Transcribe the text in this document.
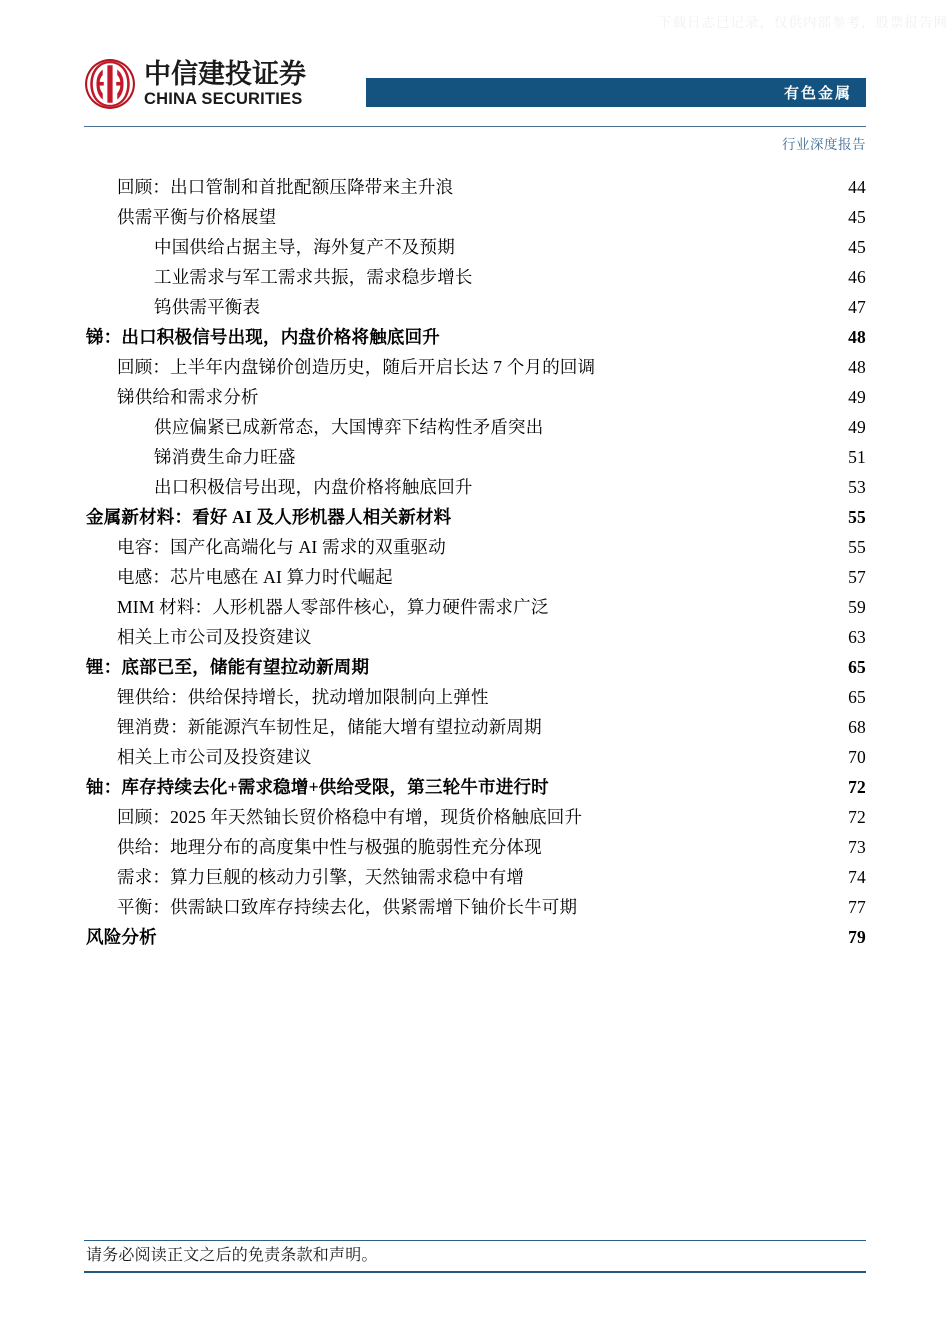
下载日志已记录，仅供内部参考，股票报告网
中信建投证券
CHINA SECURITIES	有色金属
行业深度报告
回顾：出口管制和首批配额压降带来主升浪 .....	44
供需平衡与价格展望 .....	45
中国供给占据主导，海外复产不及预期 .....	45
工业需求与军工需求共振，需求稳步增长 .....	46
钨供需平衡表 .....	47
锑：出口积极信号出现，内盘价格将触底回升 .....	48
回顾：上半年内盘锑价创造历史，随后开启长达 7 个月的回调 .....	48
锑供给和需求分析 .....	49
供应偏紧已成新常态，大国博弈下结构性矛盾突出 .....	49
锑消费生命力旺盛 .....	51
出口积极信号出现，内盘价格将触底回升 .....	53
金属新材料：看好 AI 及人形机器人相关新材料 .....	55
电容：国产化高端化与 AI 需求的双重驱动 .....	55
电感：芯片电感在 AI 算力时代崛起 .....	57
MIM 材料：人形机器人零部件核心，算力硬件需求广泛 .....	59
相关上市公司及投资建议 .....	63
锂：底部已至，储能有望拉动新周期 .....	65
锂供给：供给保持增长，扰动增加限制向上弹性 .....	65
锂消费：新能源汽车韧性足，储能大增有望拉动新周期 .....	68
相关上市公司及投资建议 .....	70
铀：库存持续去化+需求稳增+供给受限，第三轮牛市进行时 .....	72
回顾：2025 年天然铀长贸价格稳中有增，现货价格触底回升 .....	72
供给：地理分布的高度集中性与极强的脆弱性充分体现 .....	73
需求：算力巨舰的核动力引擎，天然铀需求稳中有增 .....	74
平衡：供需缺口致库存持续去化，供紧需增下铀价长牛可期 .....	77
风险分析 .....	79
请务必阅读正文之后的免责条款和声明。
